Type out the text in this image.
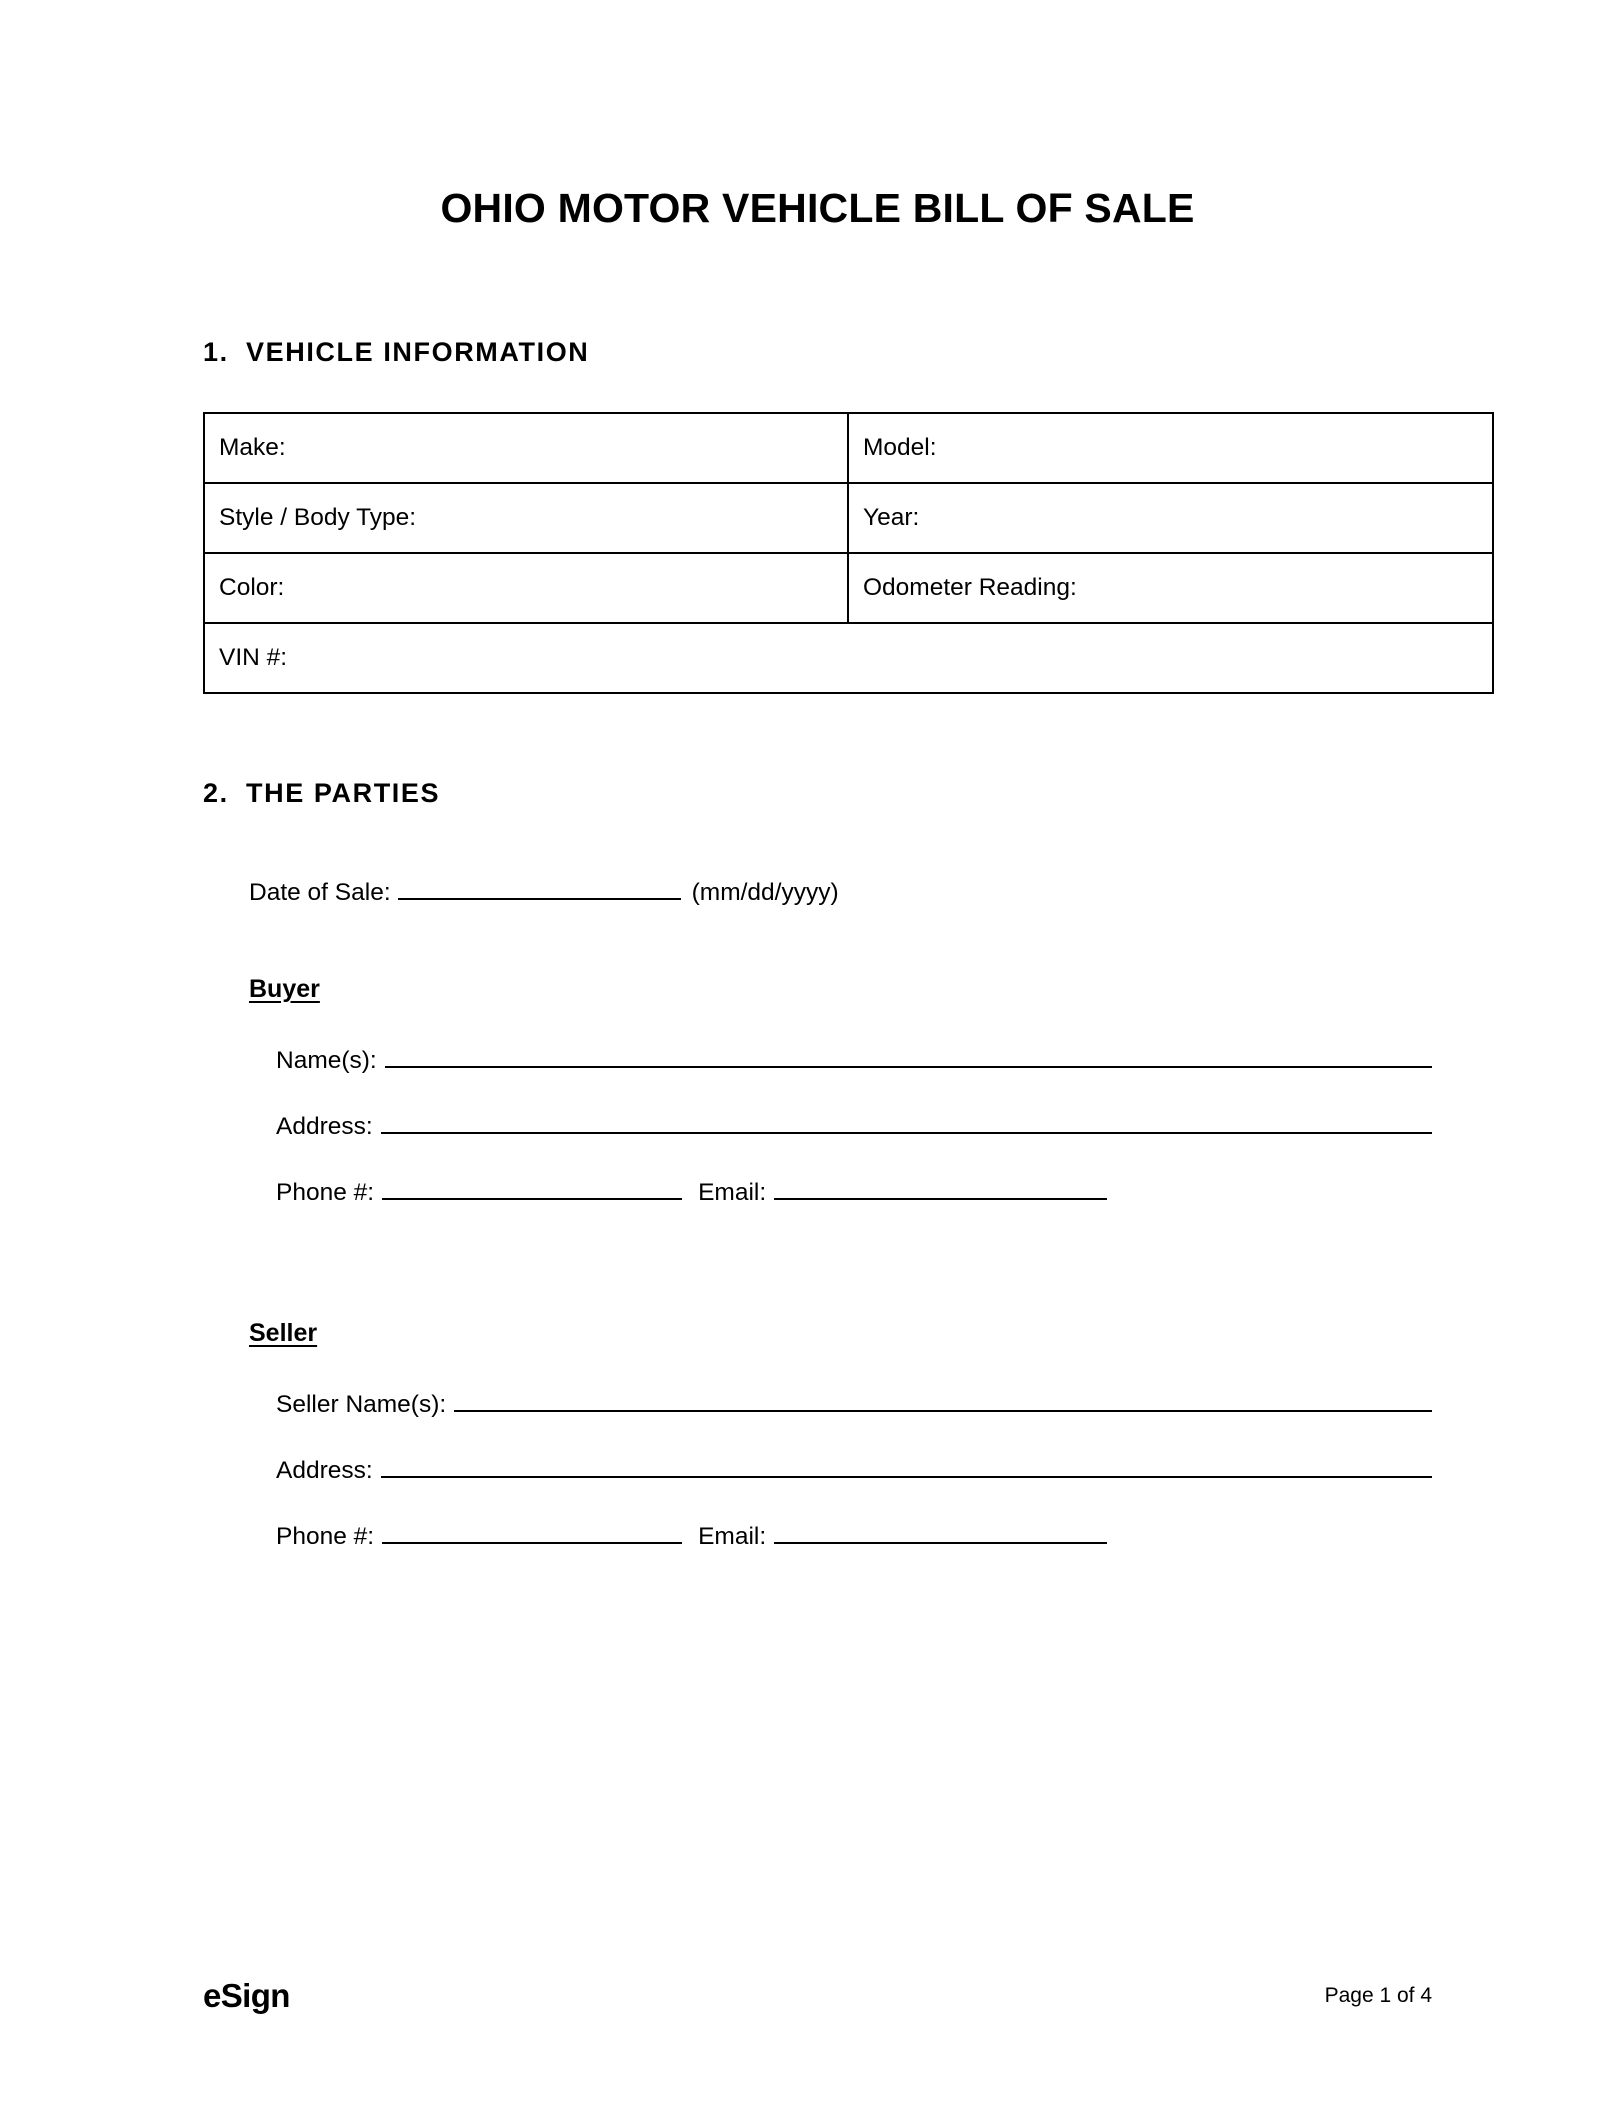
OHIO MOTOR VEHICLE BILL OF SALE
1. VEHICLE INFORMATION
Make:	Model:
Style / Body Type:	Year:
Color:	Odometer Reading:
VIN #:	
2. THE PARTIES
Date of Sale:	(mm/dd/yyyy)
Buyer
Name(s):
Address:
Phone #:	Email:
Seller
Seller Name(s):
Address:
Phone #:	Email:
eSign	Page 1 of 4
